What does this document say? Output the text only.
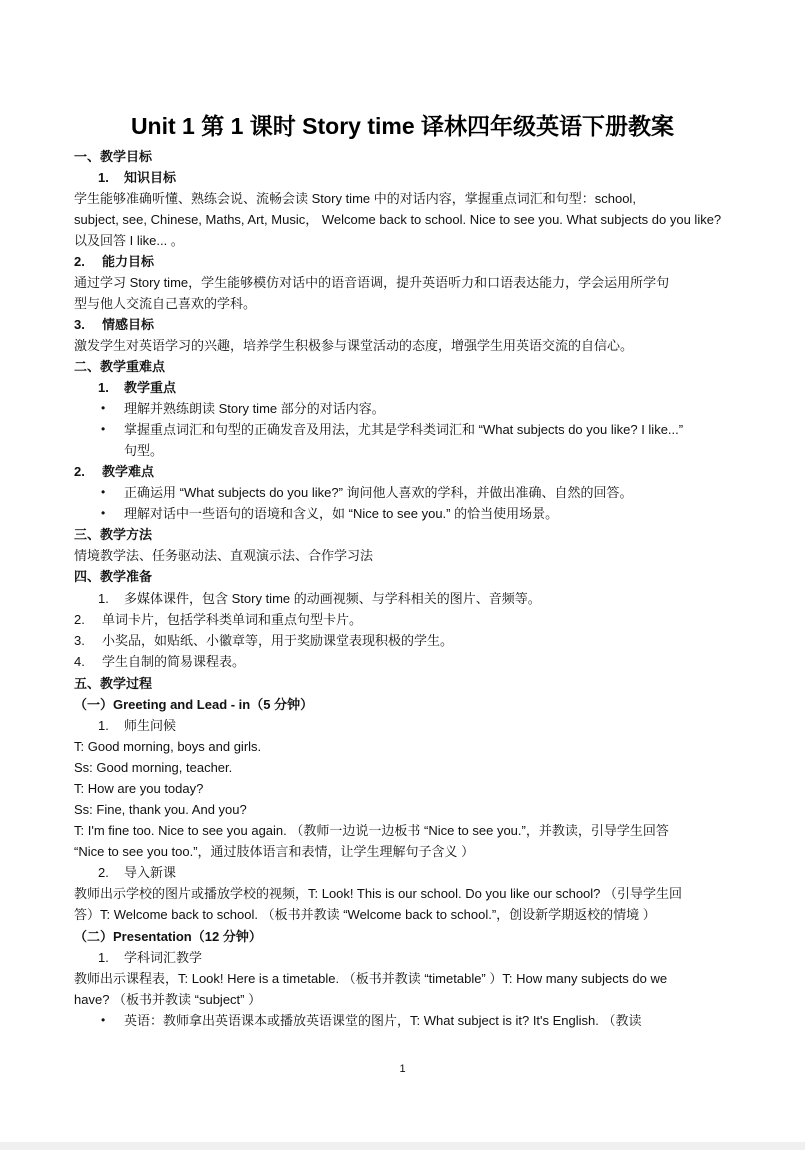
Unit 1 第 1 课时 Story time 译林四年级英语下册教案
一、教学目标
1. 知识目标
学生能够准确听懂、熟练会说、流畅会读 Story time 中的对话内容，掌握重点词汇和句型：school,
subject, see, Chinese, Maths, Art, Music， Welcome back to school. Nice to see you. What subjects do you like?
以及回答 I like... 。
2. 能力目标
通过学习 Story time，学生能够模仿对话中的语音语调，提升英语听力和口语表达能力，学会运用所学句
型与他人交流自己喜欢的学科。
3. 情感目标
激发学生对英语学习的兴趣，培养学生积极参与课堂活动的态度，增强学生用英语交流的自信心。
二、教学重难点
1. 教学重点
• 理解并熟练朗读 Story time 部分的对话内容。
• 掌握重点词汇和句型的正确发音及用法，尤其是学科类词汇和 “What subjects do you like? I like...”
句型。
2. 教学难点
• 正确运用 “What subjects do you like?” 询问他人喜欢的学科，并做出准确、自然的回答。
• 理解对话中一些语句的语境和含义，如 “Nice to see you.” 的恰当使用场景。
三、教学方法
情境教学法、任务驱动法、直观演示法、合作学习法
四、教学准备
1. 多媒体课件，包含 Story time 的动画视频、与学科相关的图片、音频等。
2. 单词卡片，包括学科类单词和重点句型卡片。
3. 小奖品，如贴纸、小徽章等，用于奖励课堂表现积极的学生。
4. 学生自制的简易课程表。
五、教学过程
（一）Greeting and Lead - in（5 分钟）
1. 师生问候
T: Good morning, boys and girls.
Ss: Good morning, teacher.
T: How are you today?
Ss: Fine, thank you. And you?
T: I'm fine too. Nice to see you again. （教师一边说一边板书 “Nice to see you.”，并教读，引导学生回答
“Nice to see you too.”，通过肢体语言和表情，让学生理解句子含义 ）
2. 导入新课
教师出示学校的图片或播放学校的视频，T: Look! This is our school. Do you like our school? （引导学生回
答）T: Welcome back to school. （板书并教读 “Welcome back to school.”，创设新学期返校的情境 ）
（二）Presentation（12 分钟）
1. 学科词汇教学
教师出示课程表，T: Look! Here is a timetable. （板书并教读 “timetable” ）T: How many subjects do we
have? （板书并教读 “subject” ）
• 英语：教师拿出英语课本或播放英语课堂的图片，T: What subject is it? It's English. （教读
1
